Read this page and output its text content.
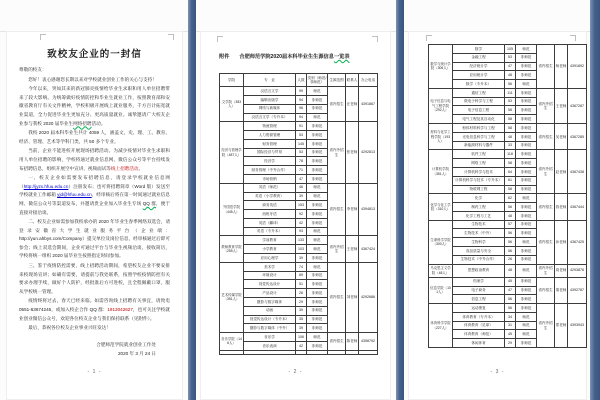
致校友企业的一封信

尊敬的校友：

您好！衷心感谢您长期以来对学校就业创业工作的关心与支持！

今年以来，突如其来的新冠肺炎疫情给毕业生求职和用人单位招聘带来了较大影响。为统筹做好疫情防控和毕业生就业工作，按照教育部和安徽省教育厅有关文件精神，学校积极开展线上就业服务，千方百计拓宽就业渠道，全力促进毕业生更加充分、更高质量就业。诚挚邀请广大校友企业参与我校 2020 届毕业生网络招聘活动。

我校 2020 届本科毕业生共计 4059 人，涵盖文、史、理、工、教育、经济、管理、艺术等学科门类，共 50 多个专业。

当前，企业不能进校开展现场招聘活动。为减少疫情对毕业生求职和用人单位招聘的影响，学校将通过就业信息网、微信公众号等平台持续发布招聘信息，组织开展空中宣讲、视频面试等线上招聘活动。

一、校友企业如需要发布招聘信息，请登录学校就业信息网（http://jyzx.hfuu.edu.cn）注册发布；也可将招聘简章（Word 版）发送至学校就业工作邮箱 yjd@hfuu.edu.cn，经审核后将在第一时间通过就业信息网、微信公众号等渠道发布，并邀请贵企业加入毕业生专场 QQ 群，便于直接对接洽谈。

二、校友企业如需参加我校承办的 2020 年毕业生春季网络双选会，请登录安徽省大学生就业服务平台（企业端：http://yun.ahbys.com/Company）提交单位及岗位信息，经审核通过后即可参会；线上双选会期间，企业可通过平台与毕业生视频洽谈、接收简历，学校将统一组织 2020 届毕业生按照指定时间参加。

三、鉴于疫情防控需要，线上招聘活动期间，希望校友企业不要安排来校现场宣讲；如确有需要，请提前与我处联系，按照学校疫情防控有关要求办理手续，做好个人防护，经批准后方可进校，且全程佩戴口罩，服从学校统一管理。

疫情终将过去，春天已经来临。如需咨询线上招聘有关事宜，请致电 0551-63674245，或加入校企合作 QQ 群：1913042627，也可关注学校就业创业微信公众号，欢迎各位校友企业与我们保持联系（见附件）。

最后，恭祝各位校友企业事业兴旺发达！

合肥师范学院就业创业工作处
2020 年 3 月 24 日
- 1 -
附件 合肥师范学院2020届本科毕业生生源信息一览表
学院	专　业	人数	类别（师范/非师范）	生源范围	联系人	办公电话
文学院（383人）	汉语言文学	99	师范	省内招生	汪老师	4391867
	编辑出版学	94	非师范			
	网络与新媒体	96	非师范			
	汉语言文学（专升本）	94	师范			
经济与管理学院（487人）	物流管理	91	非师范	省内外招生	张老师	4292813
	人力资源管理	53	非师范			
	财务管理	145	非师范			
	国际经济与贸易	53	非师范			
	经济学	78	非师范			
	财务管理（中外合作）	71	非师范			
	市场营销	47	非师范			
外国语学院（445人）	英语（师范）	46	师范	省内招生	李老师	4394813
	英语（小学教育）	39	师范			
	商务英语	153	非师范			
	西班牙语	92	非师范			
	英语（翻译）	42	非师范			
	英语（专升本）	93	师范			
教师教育学院（255人）	学前教育	133	师范	省内外招生	王老师	4367424
	小学教育	103	师范			
	应用心理学	39	非师范			
艺术传媒学院（351人）	美术学	74	师范	省内招生	刘老师	4292686
	环境设计	69	非师范			
	视觉传达设计	51	非师范			
	产品设计	26	非师范			
	摄影与数字媒体	29	非师范			
	动画	39	非师范			
	视觉传达设计（专升本）	35	非师范			
	摄影与数字媒体（中外）	39	非师范			
音乐学院（146人）	音乐学	106	师范	省内招生	陈老师	4358792
	音乐表演	42	非师范			

- 2 -
数学与统计学院（306人）	数学	105	师范	省内招生	杨老师	4391892
	金融工程	53	非师范			
	经济统计学	47	非师范			
	应用统计学	48	非师范			
	数学（专升本）	56	师范			
电子信息与电气工程学院（292人）	通信工程	111	非师范	省内外招生	王老师	4367287
	微电子科学与工程	53	非师范			
	电子信息工程	58	非师范			
	电气工程及其自动化	58	非师范			
材料与化学工程学院（193人）	粉体材料科学与工程	58	非师范	省内招生	吴老师	4367285
	光电信息科学与工程	48	非师范			
	新能源材料与器件	33	非师范			
计算机学院（351人）	软件工程	118	非师范	省内外招生	赵老师	4367438
	网络工程	58	非师范			
	计算机科学与技术	64	非师范			
	计算机科学与技术（专升本）	61	非师范			
	物联网工程	58	非师范			
化学与化工学院（310人）	化学	62	师范	省内招生	钱老师	4367444
	制药工程	56	非师范			
	化学工程与工艺	48	非师范			
生命科学学院（300人）	生物技术	57	非师范	省内招生	孙老师	4367425
	生物技术（中外）	56	非师范			
	生物科学	56	师范			
	食品质量与安全	56	非师范			
	生物技术（中外合作）	26	非师范			
马克思主义学院（48人）	思想政治教育	48	师范	省内外招生	周老师	4293876
信息学院（101人）	档案学	45	非师范	省内招生	胡老师	4392787
	电子商务	47	非师范			
	信息工程	56	非师范			
体育科学学院（227人）	运动康复	56	非师范	省内外招生	郑老师	4393943
	体育教育（专升本）	34	师范			
	体育教育（足球）	31	师范			
	体育教育（师范）	45	师范			
	休闲体育	29	非师范			
- 3 -
